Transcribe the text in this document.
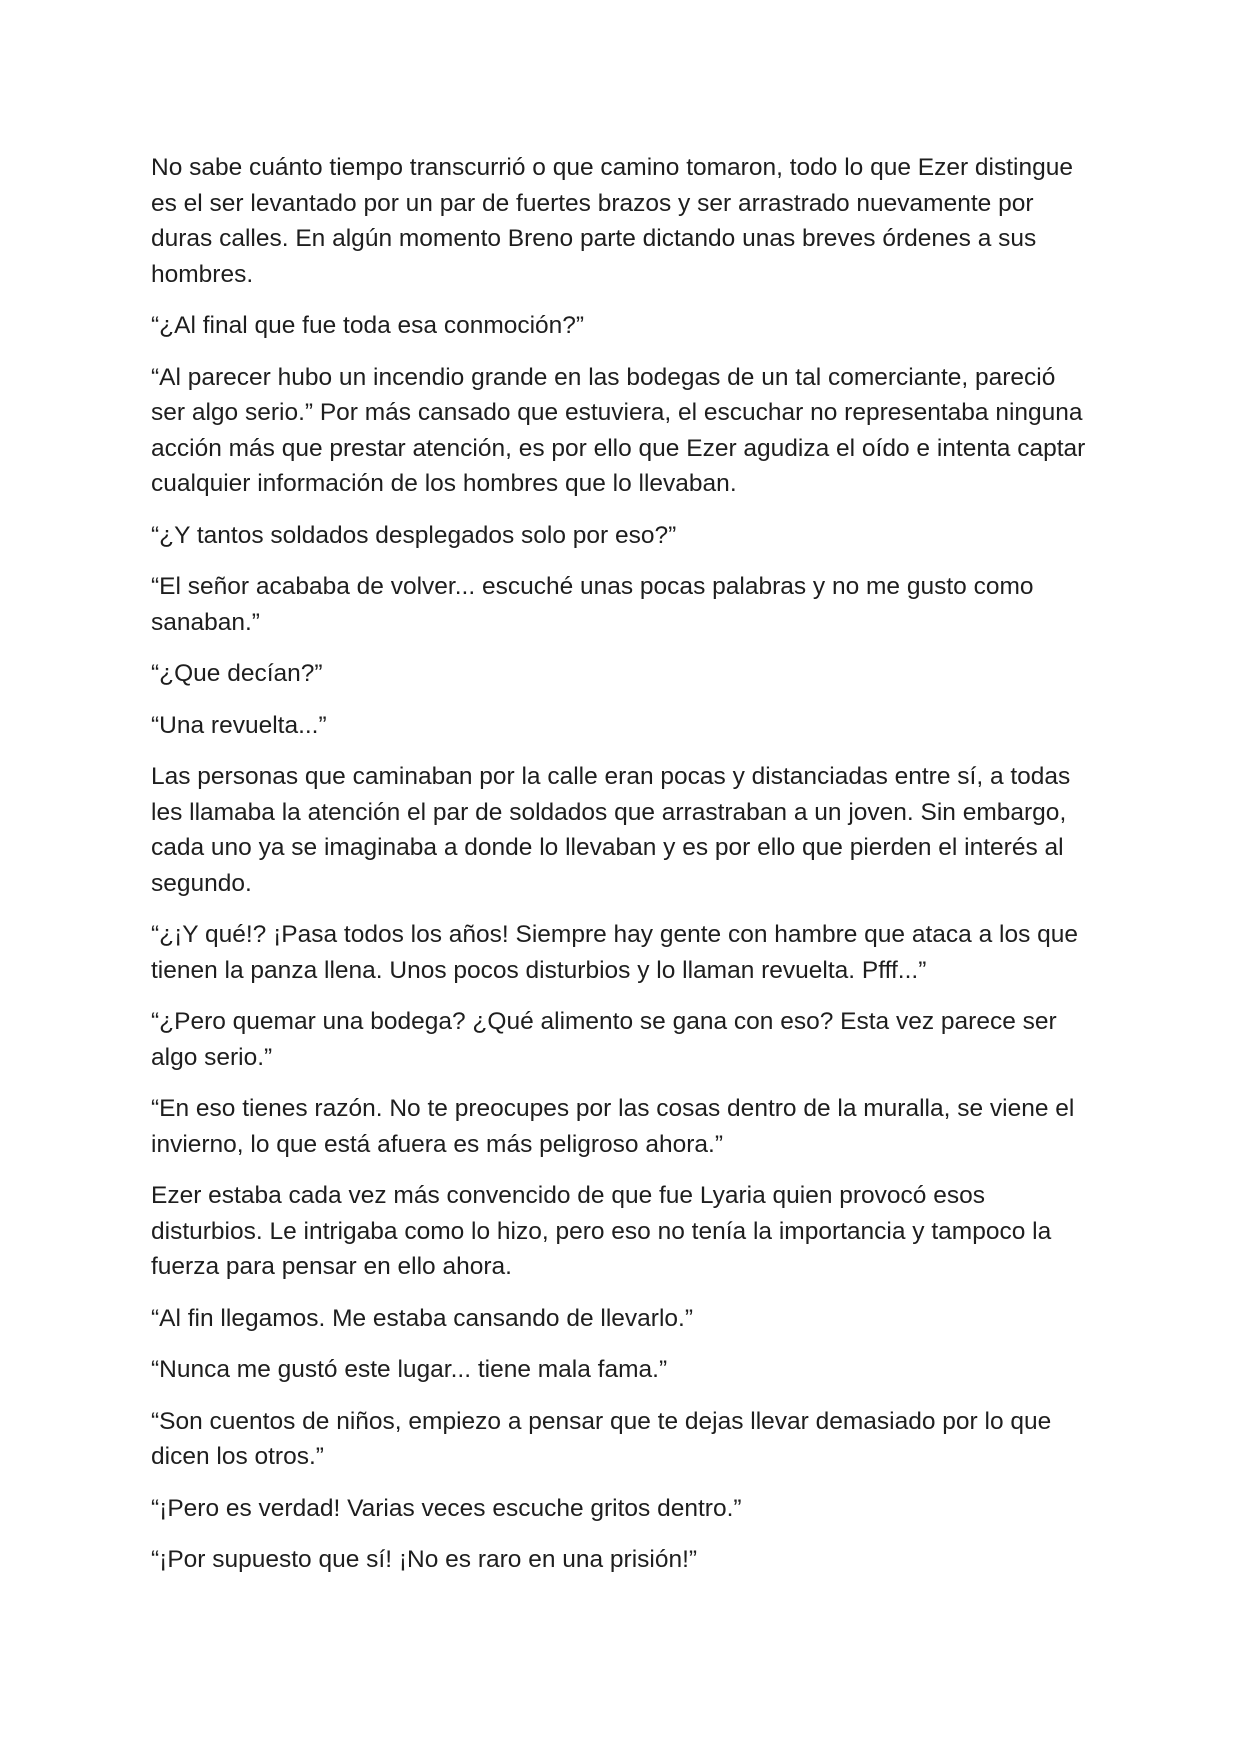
No sabe cuánto tiempo transcurrió o que camino tomaron, todo lo que Ezer distingue es el ser levantado por un par de fuertes brazos y ser arrastrado nuevamente por duras calles. En algún momento Breno parte dictando unas breves órdenes a sus hombres.

“¿Al final que fue toda esa conmoción?”

“Al parecer hubo un incendio grande en las bodegas de un tal comerciante, pareció ser algo serio.” Por más cansado que estuviera, el escuchar no representaba ninguna acción más que prestar atención, es por ello que Ezer agudiza el oído e intenta captar cualquier información de los hombres que lo llevaban.

“¿Y tantos soldados desplegados solo por eso?”

“El señor acababa de volver... escuché unas pocas palabras y no me gusto como sanaban.”

“¿Que decían?”

“Una revuelta...”

Las personas que caminaban por la calle eran pocas y distanciadas entre sí, a todas les llamaba la atención el par de soldados que arrastraban a un joven. Sin embargo, cada uno ya se imaginaba a donde lo llevaban y es por ello que pierden el interés al segundo.

“¿¡Y qué!? ¡Pasa todos los años! Siempre hay gente con hambre que ataca a los que tienen la panza llena. Unos pocos disturbios y lo llaman revuelta. Pfff...”

“¿Pero quemar una bodega? ¿Qué alimento se gana con eso? Esta vez parece ser algo serio.”

“En eso tienes razón. No te preocupes por las cosas dentro de la muralla, se viene el invierno, lo que está afuera es más peligroso ahora.”

Ezer estaba cada vez más convencido de que fue Lyaria quien provocó esos disturbios. Le intrigaba como lo hizo, pero eso no tenía la importancia y tampoco la fuerza para pensar en ello ahora.

“Al fin llegamos. Me estaba cansando de llevarlo.”

“Nunca me gustó este lugar... tiene mala fama.”

“Son cuentos de niños, empiezo a pensar que te dejas llevar demasiado por lo que dicen los otros.”

“¡Pero es verdad! Varias veces escuche gritos dentro.”

“¡Por supuesto que sí! ¡No es raro en una prisión!”
